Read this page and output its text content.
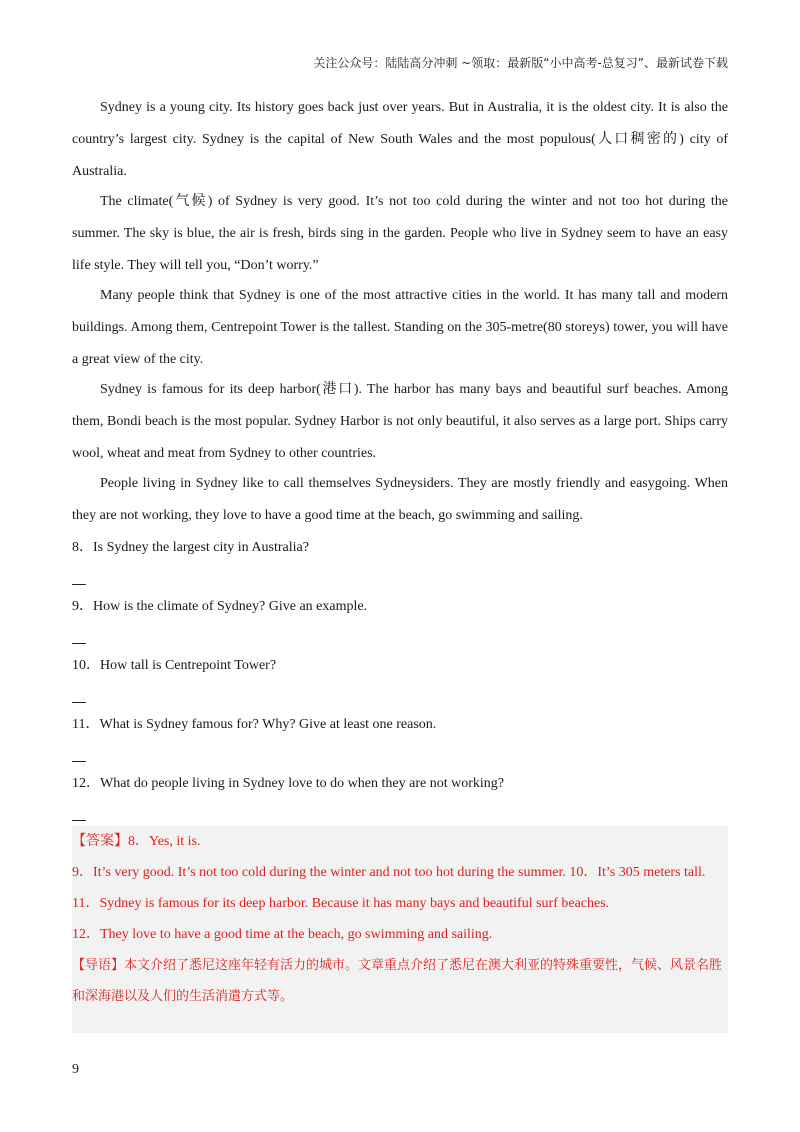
关注公众号：陆陆高分冲刺 ~领取：最新版“小中高考-总复习”、最新试卷下载

Sydney is a young city. Its history goes back just over years. But in Australia, it is the oldest city. It is also the country’s largest city. Sydney is the capital of New South Wales and the most populous(人口稠密的) city of Australia.

The climate(气候) of Sydney is very good. It’s not too cold during the winter and not too hot during the summer. The sky is blue, the air is fresh, birds sing in the garden. People who live in Sydney seem to have an easy life style. They will tell you, “Don’t worry.”

Many people think that Sydney is one of the most attractive cities in the world. It has many tall and modern buildings. Among them, Centrepoint Tower is the tallest. Standing on the 305-metre(80 storeys) tower, you will have a great view of the city.

Sydney is famous for its deep harbor(港口). The harbor has many bays and beautiful surf beaches. Among them, Bondi beach is the most popular. Sydney Harbor is not only beautiful, it also serves as a large port. Ships carry wool, wheat and meat from Sydney to other countries.

People living in Sydney like to call themselves Sydneysiders. They are mostly friendly and easygoing. When they are not working, they love to have a good time at the beach, go swimming and sailing.

8．Is Sydney the largest city in Australia?

9．How is the climate of Sydney? Give an example.

10．How tall is Centrepoint Tower?

11．What is Sydney famous for? Why? Give at least one reason.

12．What do people living in Sydney love to do when they are not working?

【答案】8．Yes, it is.

9．It’s very good. It’s not too cold during the winter and not too hot during the summer. 10．It’s 305 meters tall.

11．Sydney is famous for its deep harbor. Because it has many bays and beautiful surf beaches.

12．They love to have a good time at the beach, go swimming and sailing.

【导语】本文介绍了悉尼这座年轻有活力的城市。文章重点介绍了悉尼在澳大利亚的特殊重要性，气候、风景名胜和深海港以及人们的生活消遣方式等。

9
